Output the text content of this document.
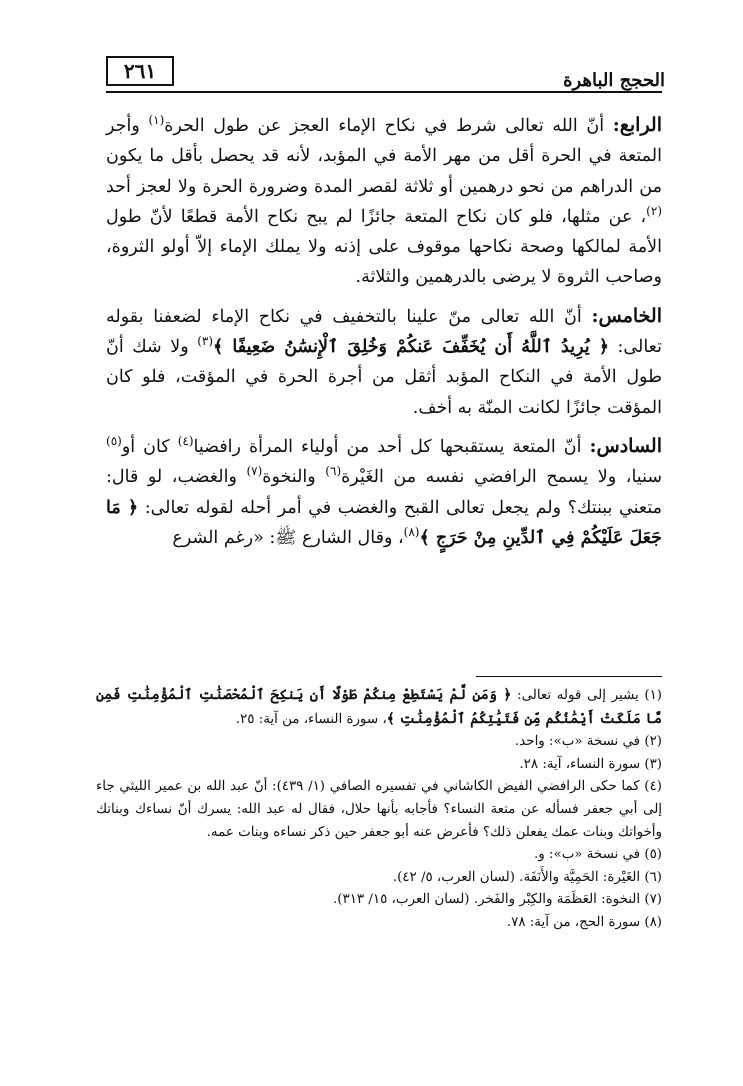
٢٦١	الحجج الباهرة

الرابع: أنّ الله تعالى شرط في نكاح الإماء العجز عن طول الحرة$^{(١)}$ وأجر المتعة في الحرة أقل من مهر الأمة في المؤبد، لأنه قد يحصل بأقل ما يكون من الدراهم من نحو درهمين أو ثلاثة لقصر المدة وضرورة الحرة ولا لعجز أحد $^{(٢)}$، عن مثلها، فلو كان نكاح المتعة جائزًا لم يبح نكاح الأمة قطعًا لأنّ طول الأمة لمالكها وصحة نكاحها موقوف على إذنه ولا يملك الإماء إلاّ أولو الثروة، وصاحب الثروة لا يرضى بالدرهمين والثلاثة.

الخامس: أنّ الله تعالى منّ علينا بالتخفيف في نكاح الإماء لضعفنا بقوله تعالى: ﴿ يُرِيدُ ٱللَّهُ أَن يُخَفِّفَ عَنكُمْ وَخُلِقَ ٱلْإِنسَٰنُ ضَعِيفًا ﴾$^{(٣)}$ ولا شك أنّ طول الأمة في النكاح المؤبد أثقل من أجرة الحرة في المؤقت، فلو كان المؤقت جائزًا لكانت المنّة به أخف.

السادس: أنّ المتعة يستقبحها كل أحد من أولياء المرأة رافضيا$^{(٤)}$ كان أو$^{(٥)}$ سنيا، ولا يسمح الرافضي نفسه من الغَيْرة$^{(٦)}$ والنخوة$^{(٧)}$ والغضب، لو قال: متعني ببنتك؟ ولم يجعل تعالى القبح والغضب في أمر أحله لقوله تعالى: ﴿ مَا جَعَلَ عَلَيْكُمْ فِي ٱلدِّينِ مِنْ حَرَجٍ ﴾$^{(٨)}$، وقال الشارع ﷺ: «رغم الشرع

(١) يشير إلى قوله تعالى: ﴿ وَمَن لَّمْ يَسْتَطِعْ مِنكُمْ طَوْلًا أَن يَنكِحَ ٱلْمُحْصَنَٰتِ ٱلْمُؤْمِنَٰتِ فَمِن مَّا مَلَكَتْ أَيْمَٰنُكُم مِّن فَتَيَٰتِكُمُ ٱلْمُؤْمِنَٰتِ ﴾، سورة النساء، من آية: ٢٥.

(٢) في نسخة «ب»: واحد.

(٣) سورة النساء، آية: ٢٨.

(٤) كما حكى الرافضي الفيض الكاشاني في تفسيره الصافي (١/ ٤٣٩): أنّ عبد الله بن عمير الليثي جاء إلى أبي جعفر فسأله عن متعة النساء؟ فأجابه بأنها حلال، فقال له عبد الله: يسرك أنّ نساءك وبناتك وأخواتك وبنات عمك يفعلن ذلك؟ فأعرض عنه أبو جعفر حين ذكر نساءه وبنات عمه.

(٥) في نسخة «ب»: و.

(٦) الغَيْرة: الحَمِيَّة والأَنَفَة. (لسان العرب، ٥/ ٤٢).

(٧) النخوة: العَظَمَة والكِبْر والفَخر. (لسان العرب، ١٥/ ٣١٣).

(٨) سورة الحج، من آية: ٧٨.
